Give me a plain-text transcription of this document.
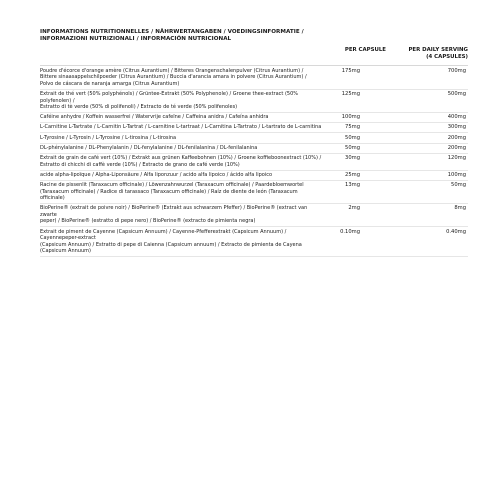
INFORMATIONS NUTRITIONNELLES / NÄHRWERTANGABEN / VOEDINGSINFORMATIE /
INFORMAZIONI NUTRIZIONALI / INFORMACIÓN NUTRICIONAL
PER CAPSULE	PER DAILY SERVING
(4 CAPSULES)
Poudre d'écorce d'orange amère (Citrus Aurantium) / Bitteres Orangenschalenpulver (Citrus Aurantium) /
Bittere sinaasappelschilpoeder (Citrus Aurantium) / Buccia d'arancia amara in polvere (Citrus Aurantium) /
Polvo de cáscara de naranja amarga (Citrus Aurantium)
175mg	700mg
Extrait de thé vert (50% polyphénols) / Grüntee-Extrakt (50% Polyphenole) / Groene thee-extract (50% polyfenolen) /
Estratto di tè verde (50% di polifenoli) / Extracto de té verde (50% polifenoles)
125mg	500mg
Caféine anhydre / Koffein wasserfrei / Watervrije cafeïne / Caffeina anidra / Cafeína anhidra	100mg	400mg
L-Carnitine L-Tartrate / L-Carnitin L-Tartrat / L-carnitine L-tartraat / L-Carnitina L-Tartrato / L-tartrato de L-carnitina	75mg	300mg
L-Tyrosine / L-Tyrosin / L-Tyrosine / L-tirosina / L-tirosina	50mg	200mg
DL-phénylalanine / DL-Phenylalanin / DL-fenylalanine / DL-fenilalanina / DL-fenilalanina	50mg	200mg
Extrait de grain de café vert (10%) / Extrakt aus grünen Kaffeebohnen (10%) / Groene koffieboonextract (10%) /
Estratto di chicchi di caffè verde (10%) / Extracto de grano de café verde (10%)
30mg	120mg
acide alpha-lipoïque / Alpha-Liponsäure / Alfa liponzuur / acido alfa lipoico / ácido alfa lipoico	25mg	100mg
Racine de pissenlit (Taraxacum officinale) / Löwenzahnwurzel (Taraxacum officinale) / Paardebloemwortel
(Taraxacum officinale) / Radice di tarassaco (Taraxacum officinale) / Raíz de diente de león (Taraxacum officinale)
13mg	50mg
BioPerine® (extrait de poivre noir) / BioPerine® (Extrakt aus schwarzem Pfeffer) / BioPerine® (extract van zwarte
peper) / BioPerine® (estratto di pepe nero) / BioPerine® (extracto de pimienta negra)
2mg	8mg
Extrait de piment de Cayenne (Capsicum Annuum) / Cayenne-Pfefferextrakt (Capsicum Annuum) / Cayennepeper-extract
(Capsicum Annuum) / Estratto di pepe di Caienna (Capsicum annuum) / Extracto de pimienta de Cayena (Capsicum Annuum)
0.10mg	0.40mg
